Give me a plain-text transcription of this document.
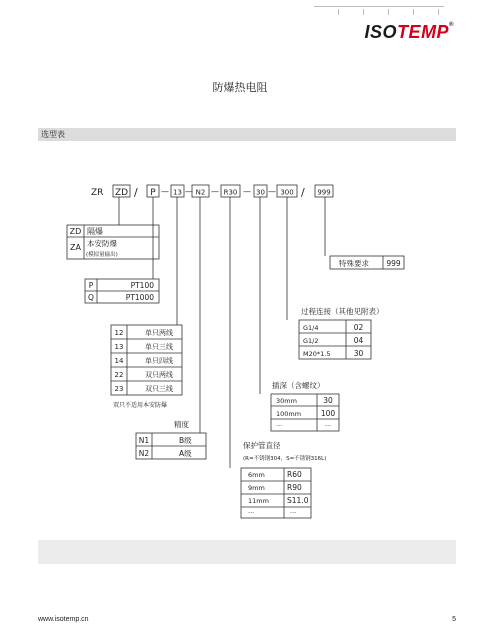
ISOTEMP®
防爆热电阻
选型表
ZR ZD / P — 13 — N2 — R30 — 30 — 300 / 999
ZD 隔爆
ZA 本安防爆
(模拟量输出)
P	PT100
Q	PT1000
12	单只两线
13	单只三线
14	单只四线
22	双只两线
23	双只三线
双只不适用本安防爆
精度
N1	B级
N2	A级
特殊要求 999
过程连接（其他见附表）
G1/4	02
G1/2	04
M20*1.5	30
插深（含螺纹）
30mm	30
100mm	100
···	···
保护管直径
(R=不锈钢304，S=不锈钢316L)
6mm	R60
9mm	R90
11mm S11.0
···	···
www.isotemp.cn	5
